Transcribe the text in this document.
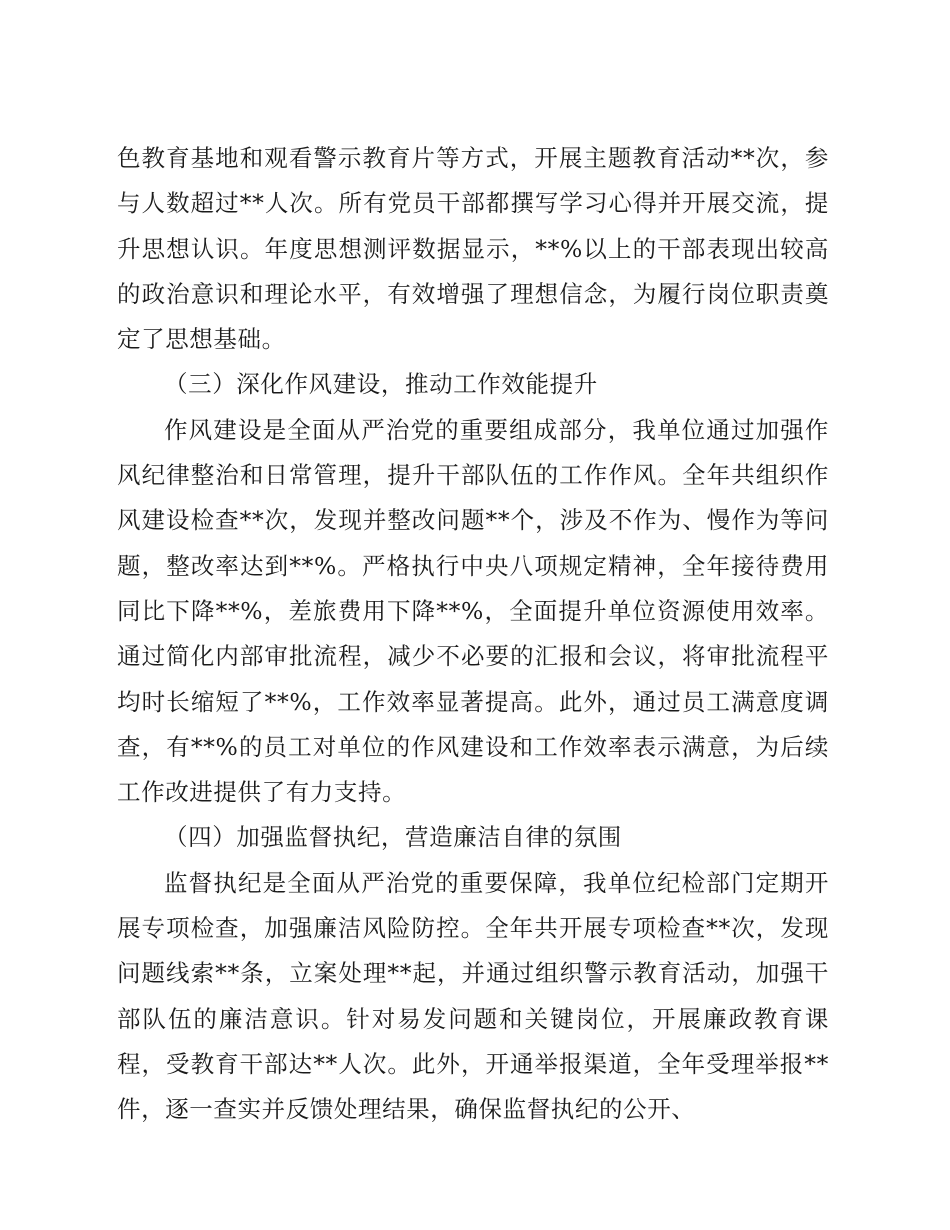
色教育基地和观看警示教育片等方式，开展主题教育活动**次，参与人数超过**人次。所有党员干部都撰写学习心得并开展交流，提升思想认识。年度思想测评数据显示，**%以上的干部表现出较高的政治意识和理论水平，有效增强了理想信念，为履行岗位职责奠定了思想基础。

（三）深化作风建设，推动工作效能提升

作风建设是全面从严治党的重要组成部分，我单位通过加强作风纪律整治和日常管理，提升干部队伍的工作作风。全年共组织作风建设检查**次，发现并整改问题**个，涉及不作为、慢作为等问题，整改率达到**%。严格执行中央八项规定精神，全年接待费用同比下降**%，差旅费用下降**%，全面提升单位资源使用效率。通过简化内部审批流程，减少不必要的汇报和会议，将审批流程平均时长缩短了**%，工作效率显著提高。此外，通过员工满意度调查，有**%的员工对单位的作风建设和工作效率表示满意，为后续工作改进提供了有力支持。

（四）加强监督执纪，营造廉洁自律的氛围

监督执纪是全面从严治党的重要保障，我单位纪检部门定期开展专项检查，加强廉洁风险防控。全年共开展专项检查**次，发现问题线索**条，立案处理**起，并通过组织警示教育活动，加强干部队伍的廉洁意识。针对易发问题和关键岗位，开展廉政教育课程，受教育干部达**人次。此外，开通举报渠道，全年受理举报**件，逐一查实并反馈处理结果，确保监督执纪的公开、
